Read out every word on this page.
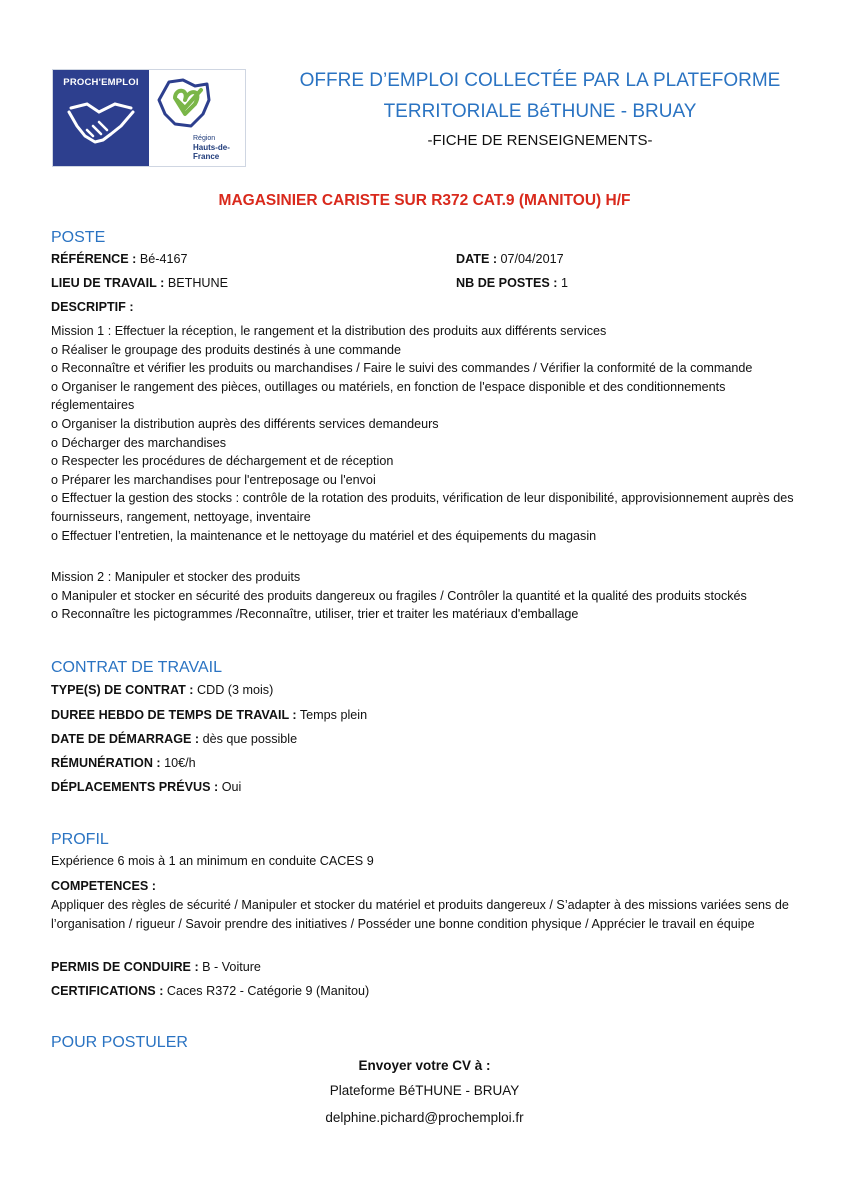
PROCH'EMPLOI
Région
Hauts-de-France
OFFRE D’EMPLOI COLLECTÉE PAR LA PLATEFORME
TERRITORIALE BéTHUNE - BRUAY
-FICHE DE RENSEIGNEMENTS-
MAGASINIER CARISTE SUR R372 CAT.9 (MANITOU) H/F
POSTE
RÉFÉRENCE : Bé-4167	DATE : 07/04/2017
LIEU DE TRAVAIL : BETHUNE	NB DE POSTES : 1
DESCRIPTIF :
Mission 1 : Effectuer la réception, le rangement et la distribution des produits aux différents services
o Réaliser le groupage des produits destinés à une commande
o Reconnaître et vérifier les produits ou marchandises / Faire le suivi des commandes / Vérifier la conformité de la commande
o Organiser le rangement des pièces, outillages ou matériels, en fonction de l'espace disponible et des conditionnements réglementaires
o Organiser la distribution auprès des différents services demandeurs
o Décharger des marchandises
o Respecter les procédures de déchargement et de réception
o Préparer les marchandises pour l'entreposage ou l'envoi
o Effectuer la gestion des stocks : contrôle de la rotation des produits, vérification de leur disponibilité, approvisionnement auprès des fournisseurs, rangement, nettoyage, inventaire
o Effectuer l’entretien, la maintenance et le nettoyage du matériel et des équipements du magasin
Mission 2 : Manipuler et stocker des produits
o Manipuler et stocker en sécurité des produits dangereux ou fragiles / Contrôler la quantité et la qualité des produits stockés
o Reconnaître les pictogrammes /Reconnaître, utiliser, trier et traiter les matériaux d'emballage
CONTRAT DE TRAVAIL
TYPE(S) DE CONTRAT : CDD (3 mois)
DUREE HEBDO DE TEMPS DE TRAVAIL : Temps plein
DATE DE DÉMARRAGE : dès que possible
RÉMUNÉRATION : 10€/h
DÉPLACEMENTS PRÉVUS : Oui
PROFIL
Expérience 6 mois à 1 an minimum en conduite CACES 9
COMPETENCES :
Appliquer des règles de sécurité / Manipuler et stocker du matériel et produits dangereux / S’adapter à des missions variées sens de l’organisation / rigueur / Savoir prendre des initiatives / Posséder une bonne condition physique / Apprécier le travail en équipe
PERMIS DE CONDUIRE : B - Voiture
CERTIFICATIONS : Caces R372 - Catégorie 9 (Manitou)
POUR POSTULER
Envoyer votre CV à :
Plateforme BéTHUNE - BRUAY
delphine.pichard@prochemploi.fr
